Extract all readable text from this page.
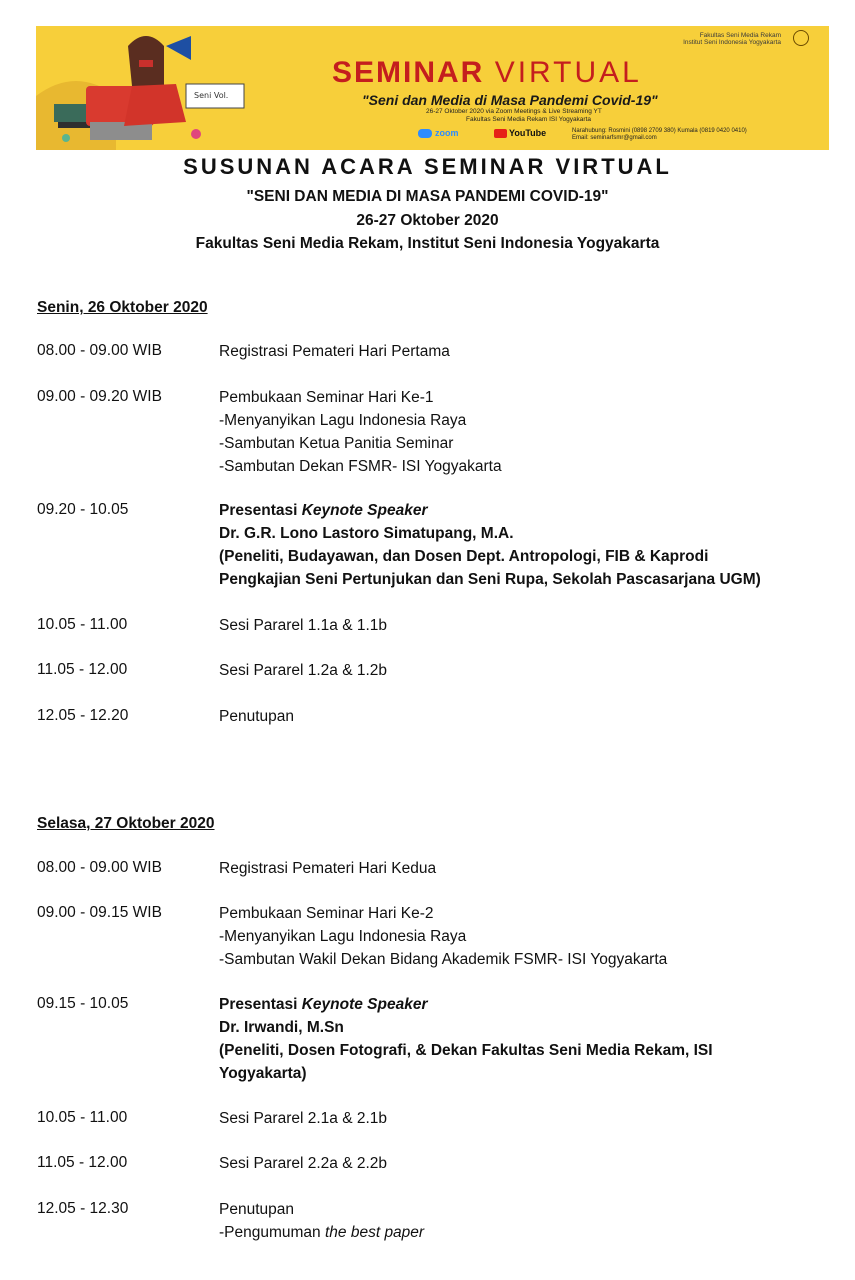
Seni Vol.
Fakultas Seni Media Rekam
Institut Seni Indonesia Yogyakarta
SEMINAR VIRTUAL
"Seni dan Media di Masa Pandemi Covid-19"
26-27 Oktober 2020 via Zoom Meetings & Live Streaming YT
Fakultas Seni Media Rekam ISI Yogyakarta
zoom	YouTube	Narahubung: Rosmini (0898 2709 380) Kumala (0819 0420 0410)
Email: seminarfsmr@gmail.com
SUSUNAN ACARA SEMINAR VIRTUAL
"SENI DAN MEDIA DI MASA PANDEMI COVID-19"
26-27 Oktober 2020
Fakultas Seni Media Rekam, Institut Seni Indonesia Yogyakarta
Senin, 26 Oktober 2020
08.00 - 09.00 WIB	Registrasi Pemateri Hari Pertama
09.00 - 09.20 WIB	Pembukaan Seminar Hari Ke-1
-Menyanyikan Lagu Indonesia Raya
-Sambutan Ketua Panitia Seminar
-Sambutan Dekan FSMR- ISI Yogyakarta
09.20 - 10.05	Presentasi Keynote Speaker
Dr. G.R. Lono Lastoro Simatupang, M.A.
(Peneliti, Budayawan, dan Dosen Dept. Antropologi, FIB & Kaprodi
Pengkajian Seni Pertunjukan dan Seni Rupa, Sekolah Pascasarjana UGM)
10.05 - 11.00	Sesi Pararel 1.1a & 1.1b
11.05 - 12.00	Sesi Pararel 1.2a & 1.2b
12.05 - 12.20	Penutupan
Selasa, 27 Oktober 2020
08.00 - 09.00 WIB	Registrasi Pemateri Hari Kedua
09.00 - 09.15 WIB	Pembukaan Seminar Hari Ke-2
-Menyanyikan Lagu Indonesia Raya
-Sambutan Wakil Dekan Bidang Akademik FSMR- ISI Yogyakarta
09.15 - 10.05	Presentasi Keynote Speaker
Dr. Irwandi, M.Sn
(Peneliti, Dosen Fotografi, & Dekan Fakultas Seni Media Rekam, ISI
Yogyakarta)
10.05 - 11.00	Sesi Pararel 2.1a & 2.1b
11.05 - 12.00	Sesi Pararel 2.2a & 2.2b
12.05 - 12.30	Penutupan
-Pengumuman the best paper
